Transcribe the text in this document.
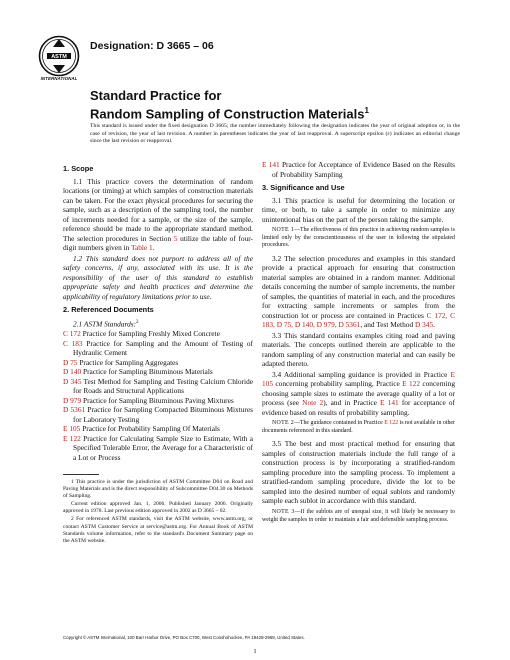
ASTM
INTERNATIONAL
Designation: D 3665 – 06
Standard Practice for
Random Sampling of Construction Materials$^1$
This standard is issued under the fixed designation D 3665; the number immediately following the designation indicates the year of original adoption or, in the case of revision, the year of last revision. A number in parentheses indicates the year of last reapproval. A superscript epsilon (ε) indicates an editorial change since the last revision or reapproval.
1. Scope

1.1 This practice covers the determination of random locations (or timing) at which samples of construction materials can be taken. For the exact physical procedures for securing the sample, such as a description of the sampling tool, the number of increments needed for a sample, or the size of the sample, reference should be made to the appropriate standard method. The selection procedures in Section 5 utilize the table of four-digit numbers given in Table 1.

1.2 This standard does not purport to address all of the safety concerns, if any, associated with its use. It is the responsibility of the user of this standard to establish appropriate safety and health practices and determine the applicability of regulatory limitations prior to use.

2. Referenced Documents

2.1 ASTM Standards:$^2$

C 172 Practice for Sampling Freshly Mixed Concrete
C 183 Practice for Sampling and the Amount of Testing of Hydraulic Cement
D 75 Practice for Sampling Aggregates
D 140 Practice for Sampling Bituminous Materials
D 345 Test Method for Sampling and Testing Calcium Chloride for Roads and Structural Applications
D 979 Practice for Sampling Bituminous Paving Mixtures
D 5361 Practice for Sampling Compacted Bituminous Mixtures for Laboratory Testing
E 105 Practice for Probability Sampling Of Materials
E 122 Practice for Calculating Sample Size to Estimate, With a Specified Tolerable Error, the Average for a Characteristic of a Lot or Process

1 This practice is under the jurisdiction of ASTM Committee D04 on Road and Paving Materials and is the direct responsibility of Subcommittee D04.30 on Methods of Sampling.

Current edition approved Jan. 1, 2006. Published January 2006. Originally approved in 1978. Last previous edition approved in 2002 as D 3665 – 02.

2 For referenced ASTM standards, visit the ASTM website, www.astm.org, or contact ASTM Customer Service at service@astm.org. For Annual Book of ASTM Standards volume information, refer to the standard's Document Summary page on the ASTM website.

E 141 Practice for Acceptance of Evidence Based on the Results of Probability Sampling
3. Significance and Use

3.1 This practice is useful for determining the location or time, or both, to take a sample in order to minimize any unintentional bias on the part of the person taking the sample.

NOTE 1—The effectiveness of this practice in achieving random samples is limited only by the conscientiousness of the user in following the stipulated procedures.

3.2 The selection procedures and examples in this standard provide a practical approach for ensuring that construction material samples are obtained in a random manner. Additional details concerning the number of sample increments, the number of samples, the quantities of material in each, and the procedures for extracting sample increments or samples from the construction lot or process are contained in Practices C 172, C 183, D 75, D 140, D 979, D 5361, and Test Method D 345.

3.3 This standard contains examples citing road and paving materials. The concepts outlined therein are applicable to the random sampling of any construction material and can easily be adapted thereto.

3.4 Additional sampling guidance is provided in Practice E 105 concerning probability sampling, Practice E 122 concerning choosing sample sizes to estimate the average quality of a lot or process (see Note 2), and in Practice E 141 for acceptance of evidence based on results of probability sampling.

NOTE 2—The guidance contained in Practice E 122 is not available in other documents referenced in this standard.

3.5 The best and most practical method for ensuring that samples of construction materials include the full range of a construction process is by incorporating a stratified-random sampling procedure into the sampling process. To implement a stratified-random sampling procedure, divide the lot to be sampled into the desired number of equal sublots and randomly sample each sublot in accordance with this standard.

NOTE 3—If the sublots are of unequal size, it will likely be necessary to weight the samples in order to maintain a fair and defensible sampling process.

Copyright © ASTM International, 100 Barr Harbor Drive, PO Box C700, West Conshohocken, PA 19428-2959, United States.
1
